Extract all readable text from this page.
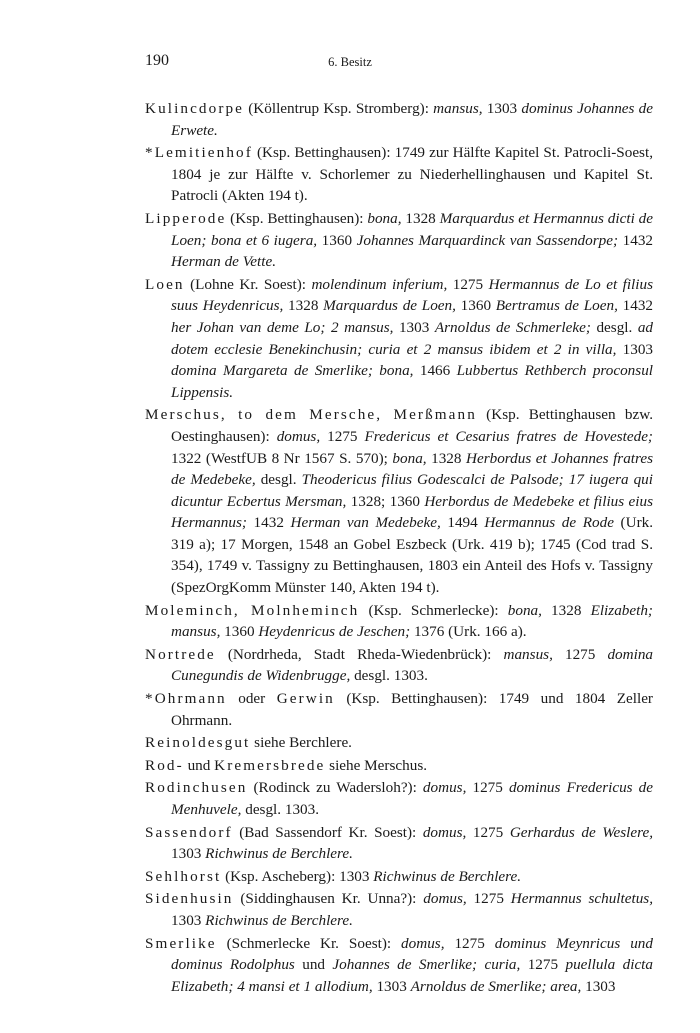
190	6. Besitz
Kulincdorpe (Köllentrup Ksp. Stromberg): mansus, 1303 dominus Johannes de Erwete.
*Lemitienhof (Ksp. Bettinghausen): 1749 zur Hälfte Kapitel St. Patrocli-Soest, 1804 je zur Hälfte v. Schorlemer zu Niederhellinghausen und Kapitel St. Patrocli (Akten 194 t).
Lipperode (Ksp. Bettinghausen): bona, 1328 Marquardus et Hermannus dicti de Loen; bona et 6 iugera, 1360 Johannes Marquardinck van Sassendorpe; 1432 Herman de Vette.
Loen (Lohne Kr. Soest): molendinum inferium, 1275 Hermannus de Lo et filius suus Heydenricus, 1328 Marquardus de Loen, 1360 Bertramus de Loen, 1432 her Johan van deme Lo; 2 mansus, 1303 Arnoldus de Schmerleke; desgl. ad dotem ecclesie Benekinchusin; curia et 2 mansus ibidem et 2 in villa, 1303 domina Margareta de Smerlike; bona, 1466 Lubbertus Rethberch proconsul Lippensis.
Merschus, to dem Mersche, Merßmann (Ksp. Bettinghausen bzw. Oestinghausen): domus, 1275 Fredericus et Cesarius fratres de Hovestede; 1322 (WestfUB 8 Nr 1567 S. 570); bona, 1328 Herbordus et Johannes fratres de Medebeke, desgl. Theodericus filius Godescalci de Palsode; 17 iugera qui dicuntur Ecbertus Mersman, 1328; 1360 Herbordus de Medebeke et filius eius Hermannus; 1432 Herman van Medebeke, 1494 Hermannus de Rode (Urk. 319 a); 17 Morgen, 1548 an Gobel Eszbeck (Urk. 419 b); 1745 (Cod trad S. 354), 1749 v. Tassigny zu Bettinghausen, 1803 ein Anteil des Hofs v. Tassigny (SpezOrgKomm Münster 140, Akten 194 t).
Moleminch, Molnheminch (Ksp. Schmerlecke): bona, 1328 Elizabeth; mansus, 1360 Heydenricus de Jeschen; 1376 (Urk. 166 a).
Nortrede (Nordrheda, Stadt Rheda-Wiedenbrück): mansus, 1275 domina Cunegundis de Widenbrugge, desgl. 1303.
*Ohrmann oder Gerwin (Ksp. Bettinghausen): 1749 und 1804 Zeller Ohrmann.
Reinoldesgut siehe Berchlere.
Rod- und Kremersbrede siehe Merschus.
Rodinchusen (Rodinck zu Wadersloh?): domus, 1275 dominus Fredericus de Menhuvele, desgl. 1303.
Sassendorf (Bad Sassendorf Kr. Soest): domus, 1275 Gerhardus de Weslere, 1303 Richwinus de Berchlere.
Sehlhorst (Ksp. Ascheberg): 1303 Richwinus de Berchlere.
Sidenhusin (Siddinghausen Kr. Unna?): domus, 1275 Hermannus schultetus, 1303 Richwinus de Berchlere.
Smerlike (Schmerlecke Kr. Soest): domus, 1275 dominus Meynricus und dominus Rodolphus und Johannes de Smerlike; curia, 1275 puellula dicta Elizabeth; 4 mansi et 1 allodium, 1303 Arnoldus de Smerlike; area, 1303
